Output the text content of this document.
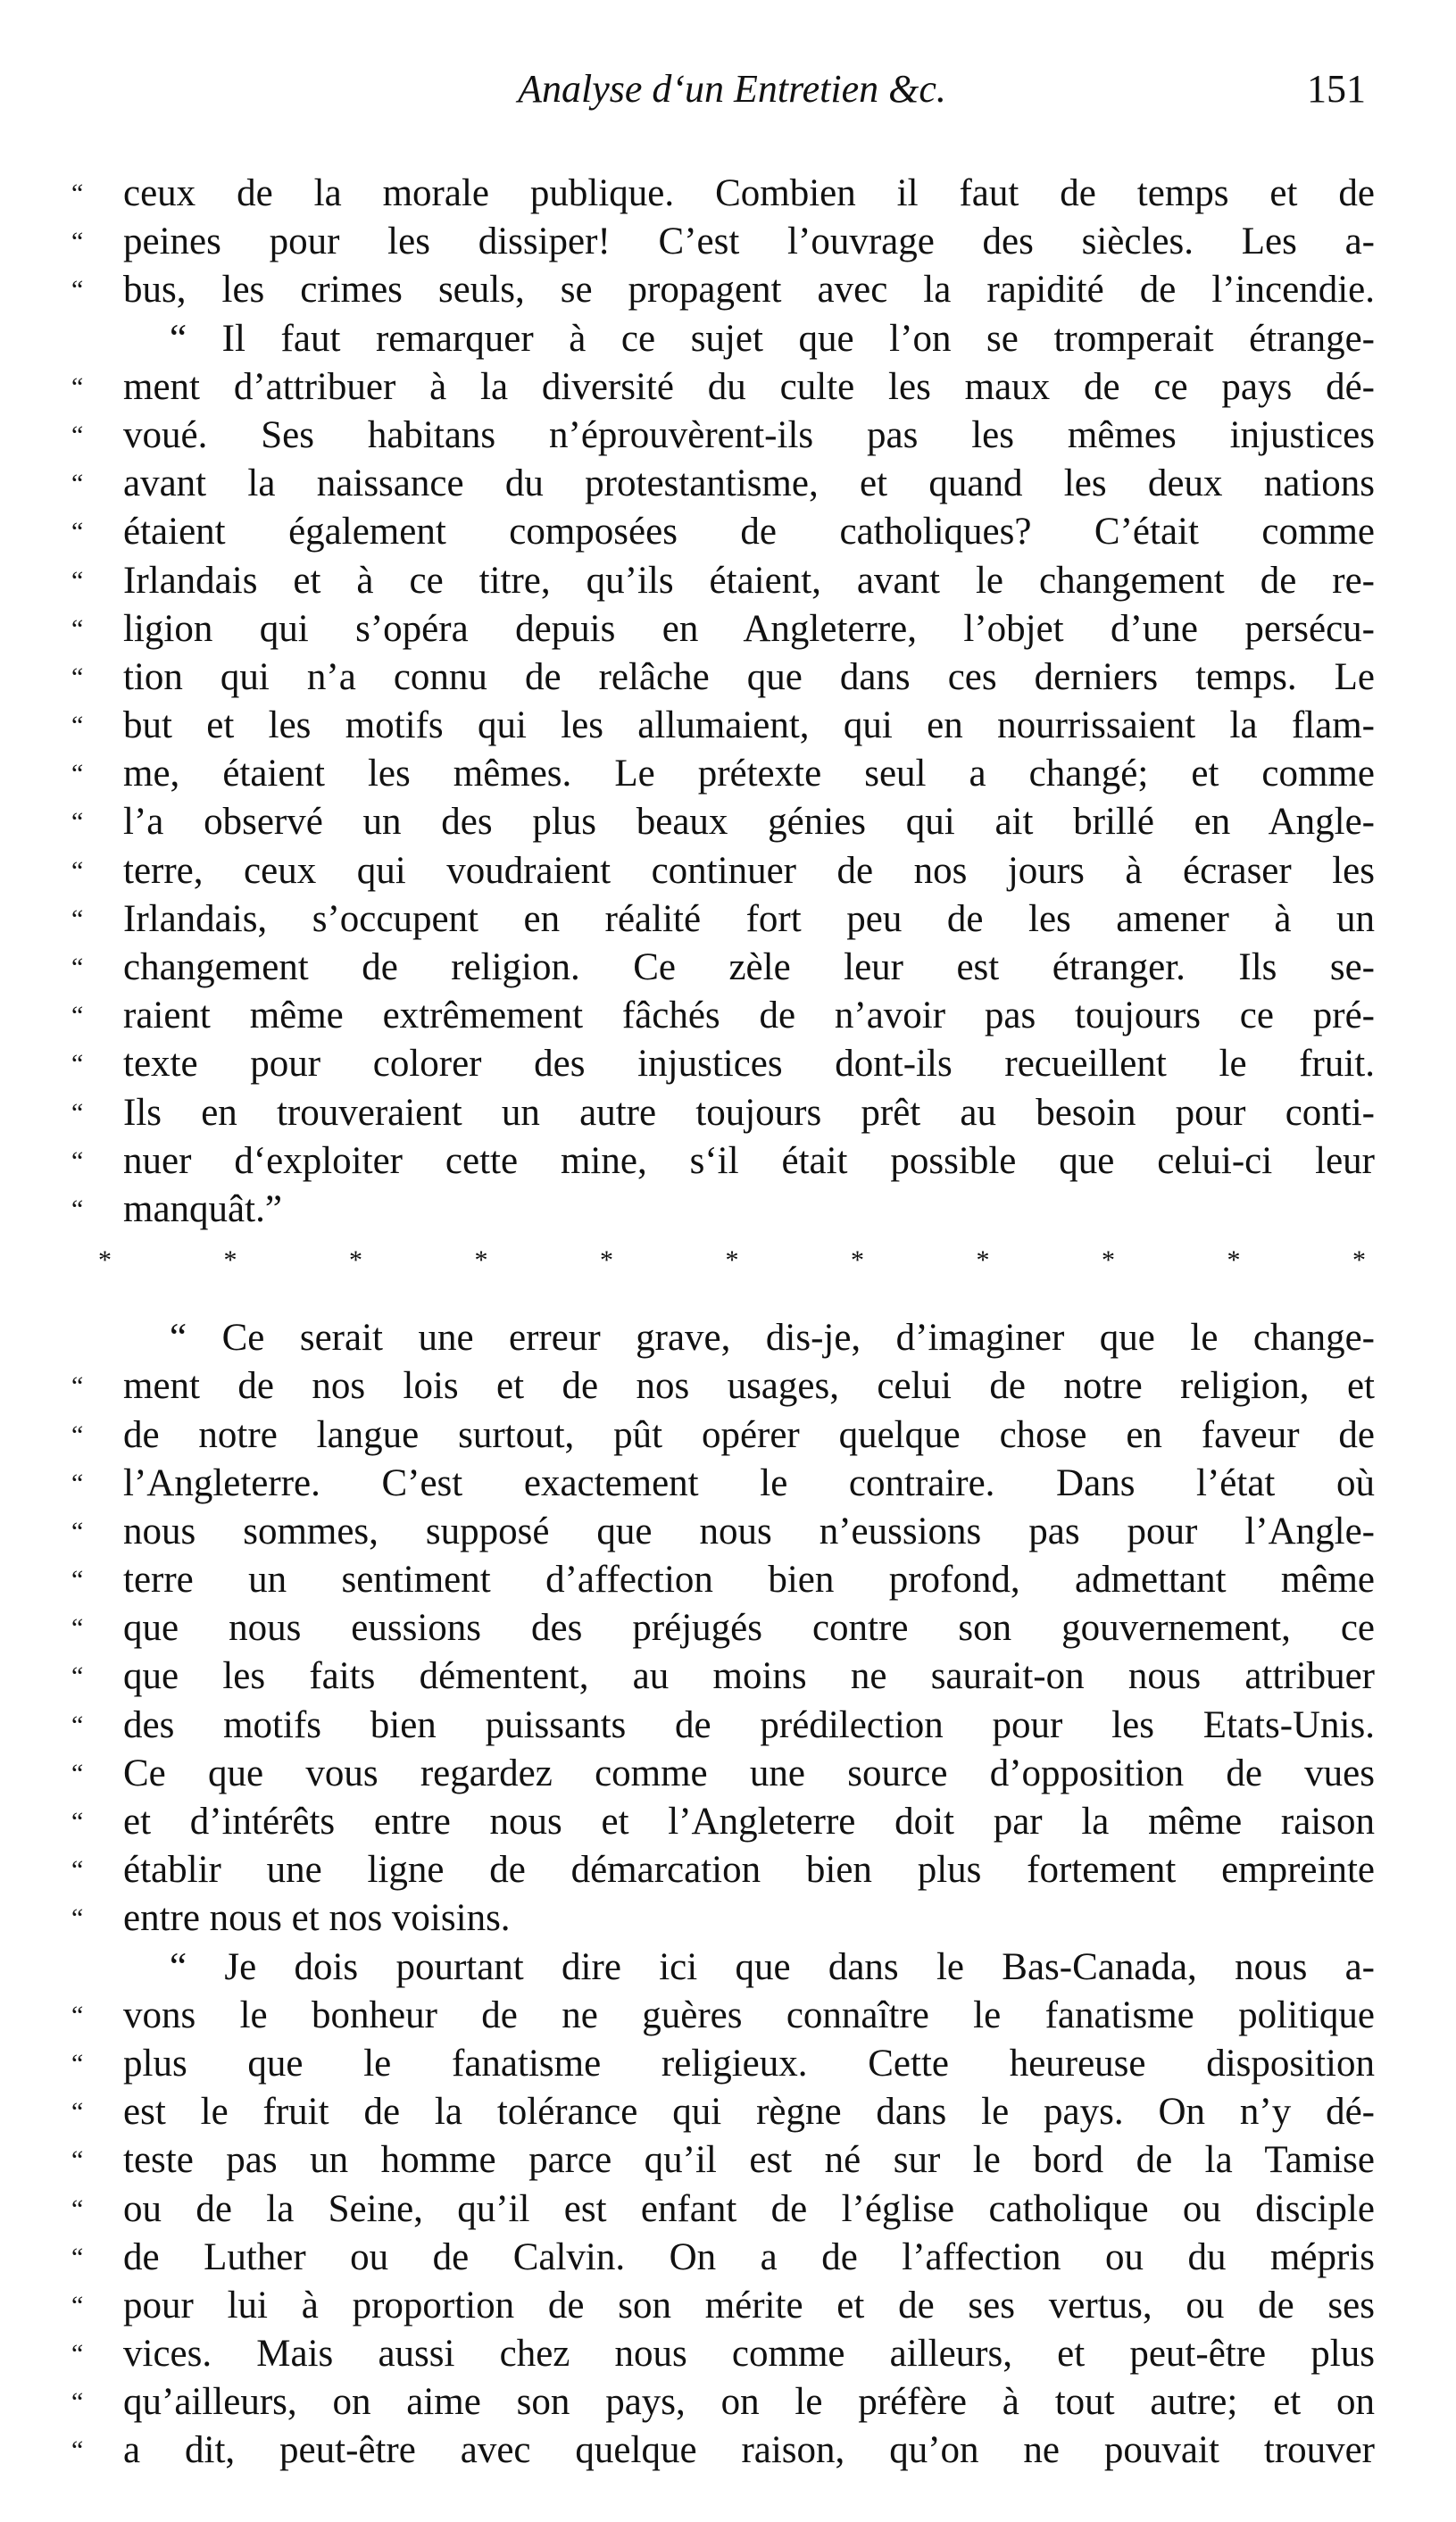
Analyse d‘un Entretien &c.	151
“	ceux de la morale publique. Combien il faut de temps et de
“	peines pour les dissiper! C’est l’ouvrage des siècles. Les a-
“	bus, les crimes seuls, se propagent avec la rapidité de l’incendie.
“ Il faut remarquer à ce sujet que l’on se tromperait étrange-
“	ment d’attribuer à la diversité du culte les maux de ce pays dé-
“	voué. Ses habitans n’éprouvèrent-ils pas les mêmes injustices
“	avant la naissance du protestantisme, et quand les deux nations
“	étaient également composées de catholiques? C’était comme
“	Irlandais et à ce titre, qu’ils étaient, avant le changement de re-
“	ligion qui s’opéra depuis en Angleterre, l’objet d’une persécu-
“	tion qui n’a connu de relâche que dans ces derniers temps. Le
“	but et les motifs qui les allumaient, qui en nourrissaient la flam-
“	me, étaient les mêmes. Le prétexte seul a changé; et comme
“	l’a observé un des plus beaux génies qui ait brillé en Angle-
“	terre, ceux qui voudraient continuer de nos jours à écraser les
“	Irlandais, s’occupent en réalité fort peu de les amener à un
“	changement de religion. Ce zèle leur est étranger. Ils se-
“	raient même extrêmement fâchés de n’avoir pas toujours ce pré-
“	texte pour colorer des injustices dont-ils recueillent le fruit.
“	Ils en trouveraient un autre toujours prêt au besoin pour conti-
“	nuer d‘exploiter cette mine, s‘il était possible que celui-ci leur
“	manquât.”
* * * * * * * * * * *
“ Ce serait une erreur grave, dis-je, d’imaginer que le change-
“	ment de nos lois et de nos usages, celui de notre religion, et
“	de notre langue surtout, pût opérer quelque chose en faveur de
“	l’Angleterre. C’est exactement le contraire. Dans l’état où
“	nous sommes, supposé que nous n’eussions pas pour l’Angle-
“	terre un sentiment d’affection bien profond, admettant même
“	que nous eussions des préjugés contre son gouvernement, ce
“	que les faits démentent, au moins ne saurait-on nous attribuer
“	des motifs bien puissants de prédilection pour les Etats-Unis.
“	Ce que vous regardez comme une source d’opposition de vues
“	et d’intérêts entre nous et l’Angleterre doit par la même raison
“	établir une ligne de démarcation bien plus fortement empreinte
“	entre nous et nos voisins.
“ Je dois pourtant dire ici que dans le Bas-Canada, nous a-
“	vons le bonheur de ne guères connaître le fanatisme politique
“	plus que le fanatisme religieux. Cette heureuse disposition
“	est le fruit de la tolérance qui règne dans le pays. On n’y dé-
“	teste pas un homme parce qu’il est né sur le bord de la Tamise
“	ou de la Seine, qu’il est enfant de l’église catholique ou disciple
“	de Luther ou de Calvin. On a de l’affection ou du mépris
“	pour lui à proportion de son mérite et de ses vertus, ou de ses
“	vices. Mais aussi chez nous comme ailleurs, et peut-être plus
“	qu’ailleurs, on aime son pays, on le préfère à tout autre; et on
“	a dit, peut-être avec quelque raison, qu’on ne pouvait trouver
